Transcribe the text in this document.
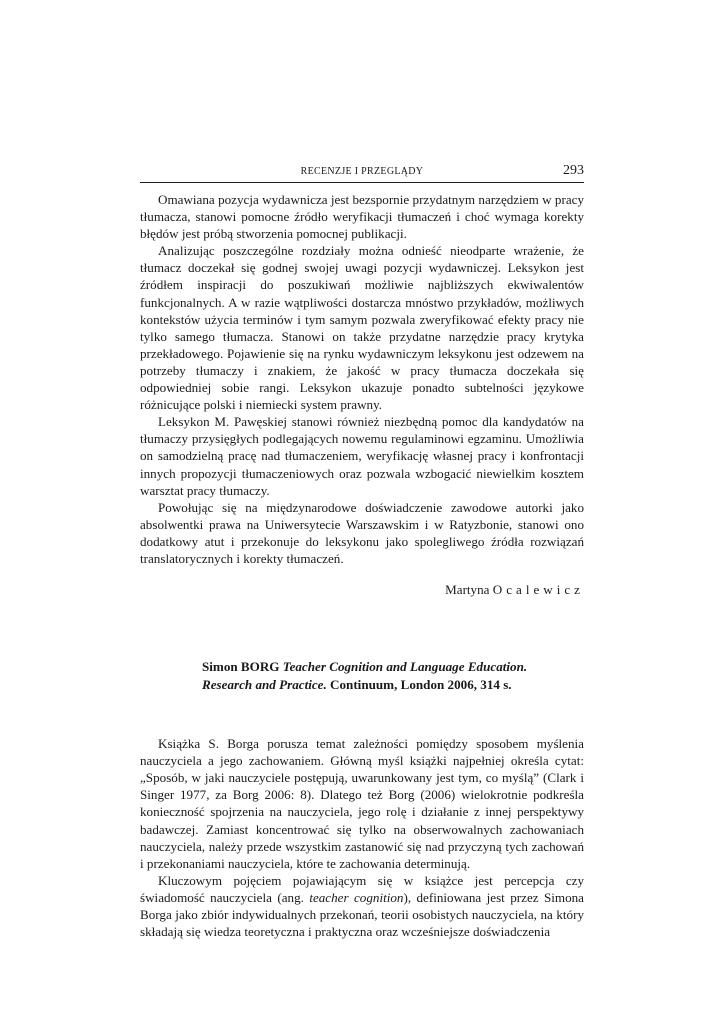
RECENZJE I PRZEGLĄDY	293

Omawiana pozycja wydawnicza jest bezspornie przydatnym narzędziem w pracy tłumacza, stanowi pomocne źródło weryfikacji tłumaczeń i choć wymaga korekty błędów jest próbą stworzenia pomocnej publikacji.

Analizując poszczególne rozdziały można odnieść nieodparte wrażenie, że tłumacz doczekał się godnej swojej uwagi pozycji wydawniczej. Leksykon jest źródłem inspiracji do poszukiwań możliwie najbliższych ekwiwalentów funkcjonalnych. A w razie wątpliwości dostarcza mnóstwo przykładów, możliwych kontekstów użycia terminów i tym samym pozwala zweryfikować efekty pracy nie tylko samego tłumacza. Stanowi on także przydatne narzędzie pracy krytyka przekładowego. Pojawienie się na rynku wydawniczym leksykonu jest odzewem na potrzeby tłumaczy i znakiem, że jakość w pracy tłumacza doczekała się odpowiedniej sobie rangi. Leksykon ukazuje ponadto subtelności językowe różnicujące polski i niemiecki system prawny.

Leksykon M. Pawęskiej stanowi również niezbędną pomoc dla kandydatów na tłumaczy przysięgłych podlegających nowemu regulaminowi egzaminu. Umożliwia on samodzielną pracę nad tłumaczeniem, weryfikację własnej pracy i konfrontacji innych propozycji tłumaczeniowych oraz pozwala wzbogacić niewielkim kosztem warsztat pracy tłumaczy.

Powołując się na międzynarodowe doświadczenie zawodowe autorki jako absolwentki prawa na Uniwersytecie Warszawskim i w Ratyzbonie, stanowi ono dodatkowy atut i przekonuje do leksykonu jako spolegliwego źródła rozwiązań translatorycznych i korekty tłumaczeń.

Martyna Ocalewicz
Simon BORG Teacher Cognition and Language Education.
Research and Practice. Continuum, London 2006, 314 s.

Książka S. Borga porusza temat zależności pomiędzy sposobem myślenia nauczyciela a jego zachowaniem. Główną myśl książki najpełniej określa cytat: „Sposób, w jaki nauczyciele postępują, uwarunkowany jest tym, co myślą” (Clark i Singer 1977, za Borg 2006: 8). Dlatego też Borg (2006) wielokrotnie podkreśla konieczność spojrzenia na nauczyciela, jego rolę i działanie z innej perspektywy badawczej. Zamiast koncentrować się tylko na obserwowalnych zachowaniach nauczyciela, należy przede wszystkim zastanowić się nad przyczyną tych zachowań i przekonaniami nauczyciela, które te zachowania determinują.

Kluczowym pojęciem pojawiającym się w książce jest percepcja czy świadomość nauczyciela (ang. teacher cognition), definiowana jest przez Simona Borga jako zbiór indywidualnych przekonań, teorii osobistych nauczyciela, na który składają się wiedza teoretyczna i praktyczna oraz wcześniejsze doświadczenia
